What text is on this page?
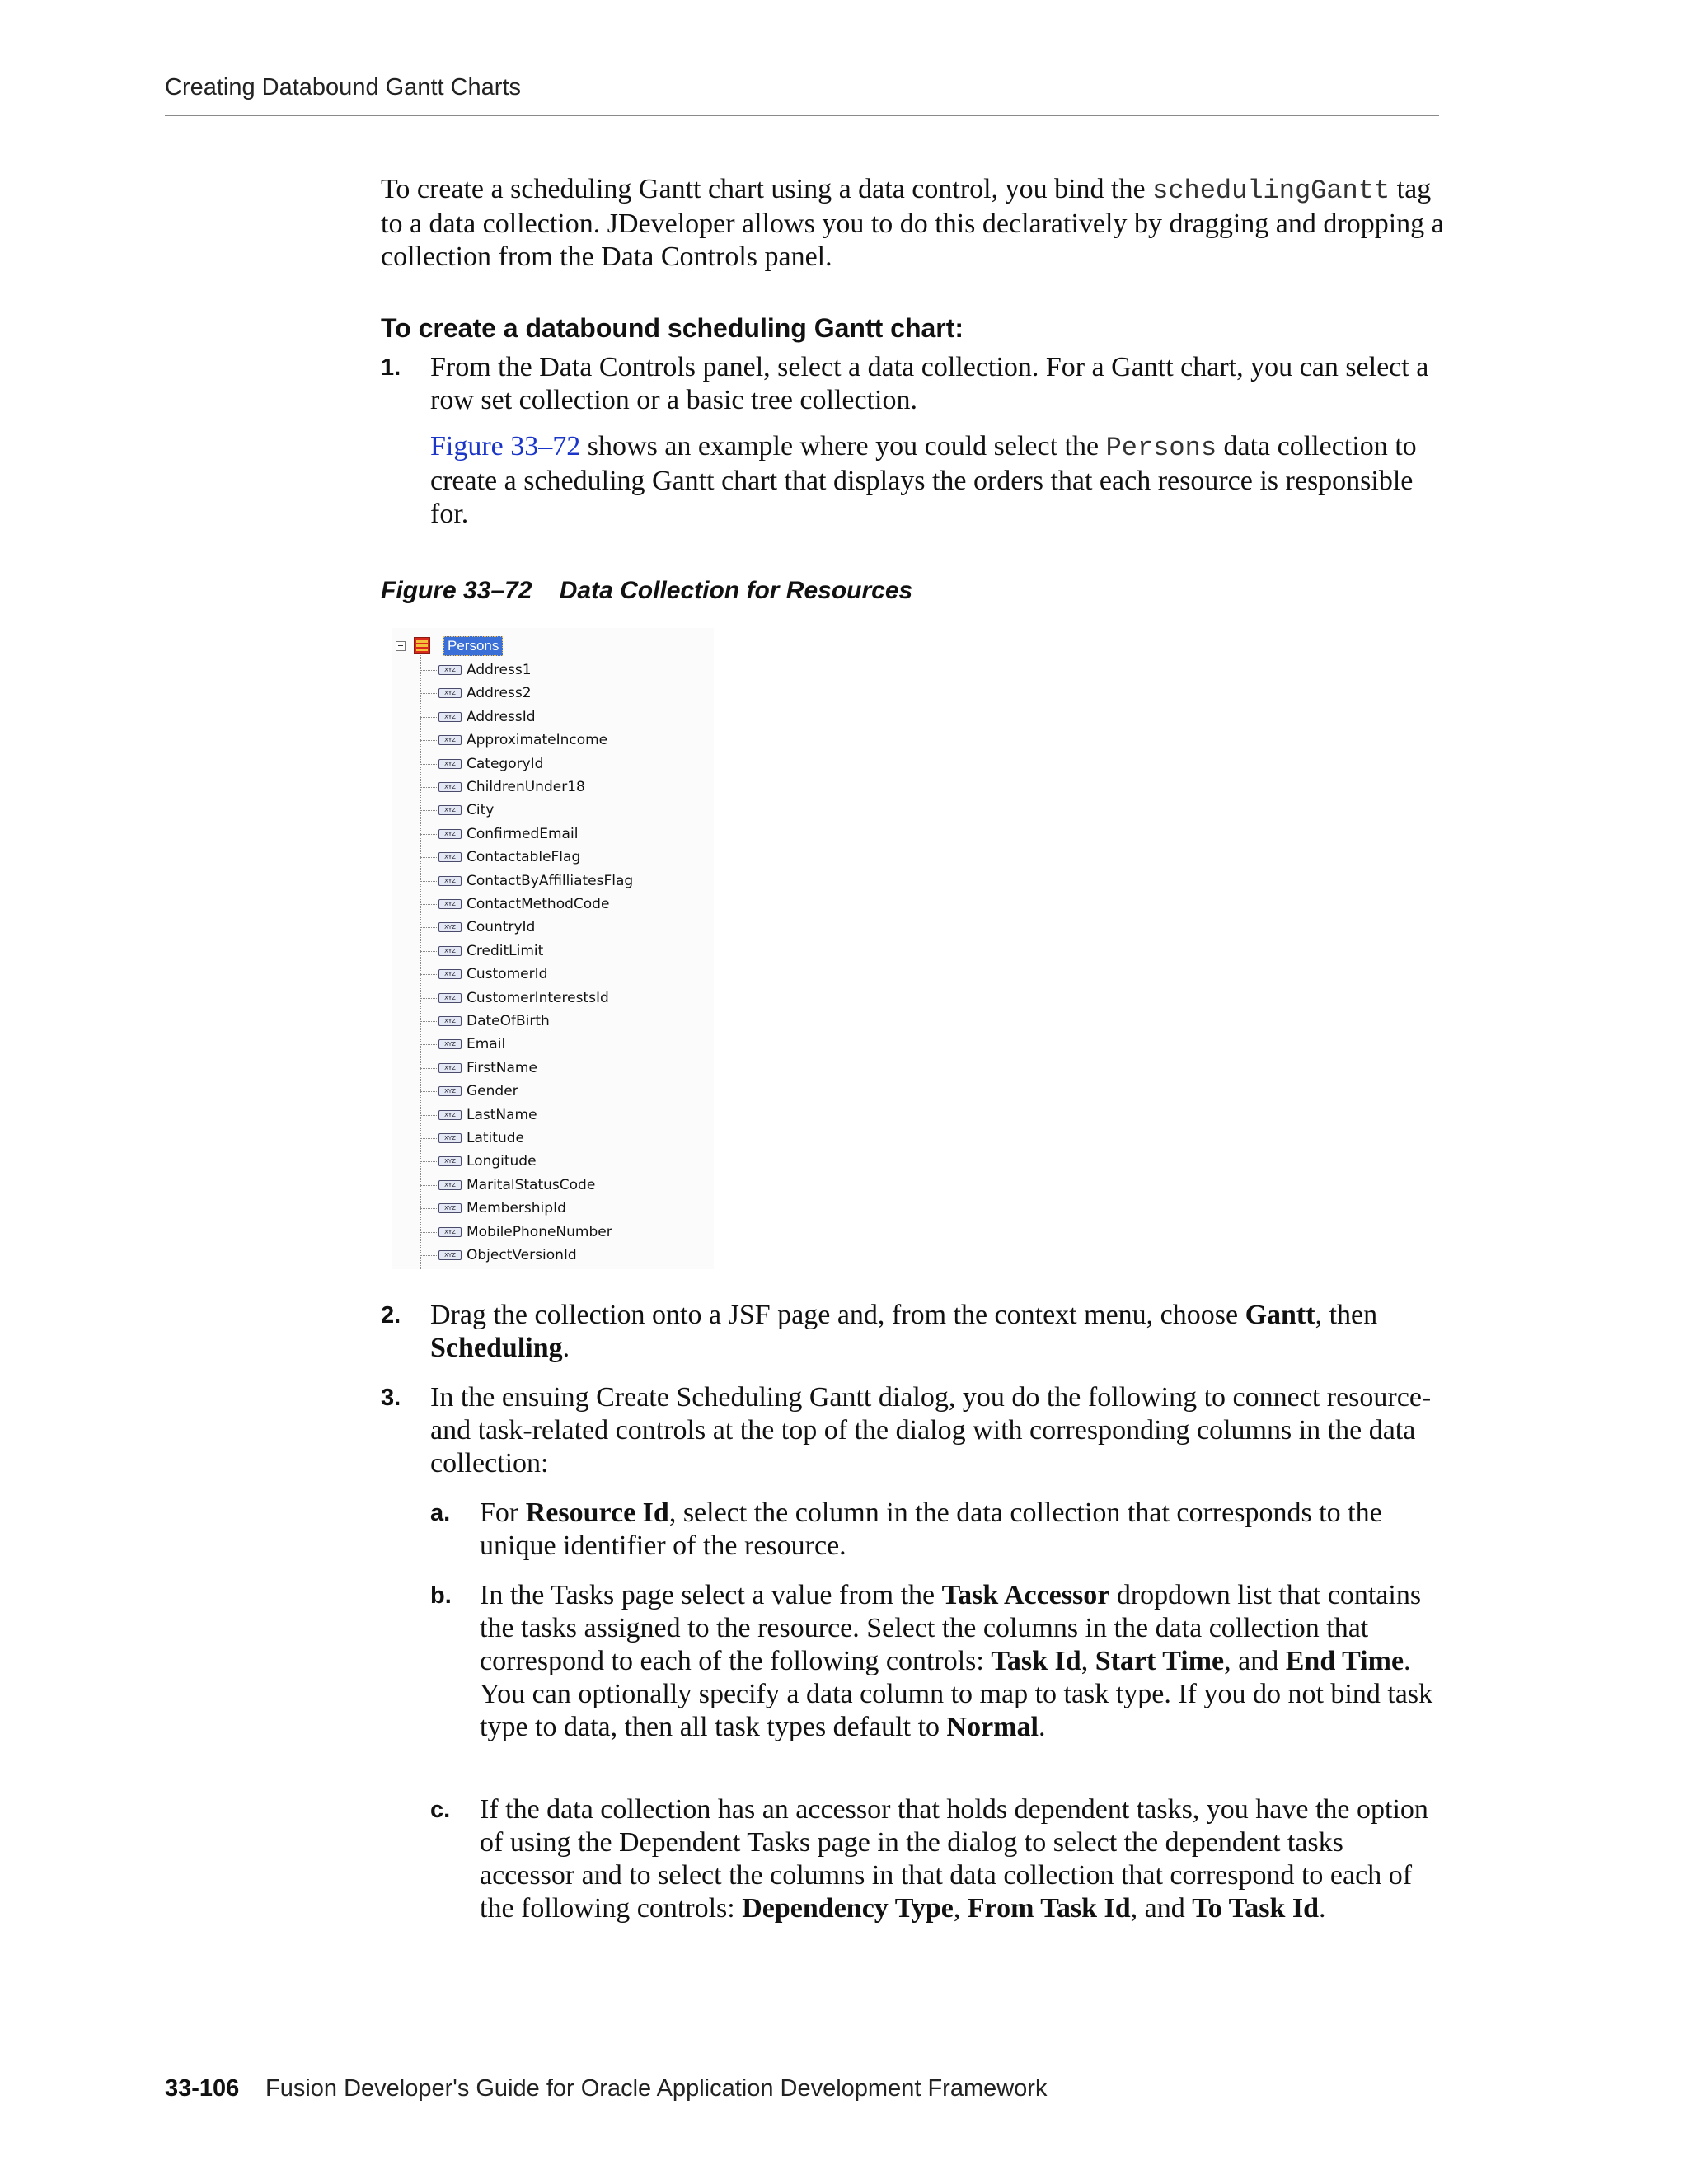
Creating Databound Gantt Charts
To create a scheduling Gantt chart using a data control, you bind the schedulingGantt tag to a data collection. JDeveloper allows you to do this declaratively by dragging and dropping a collection from the Data Controls panel.
To create a databound scheduling Gantt chart:
1. From the Data Controls panel, select a data collection. For a Gantt chart, you can select a row set collection or a basic tree collection.
Figure 33–72 shows an example where you could select the Persons data collection to create a scheduling Gantt chart that displays the orders that each resource is responsible for.
Figure 33–72    Data Collection for Resources
Persons
XYZ Address1
XYZ Address2
XYZ AddressId
XYZ ApproximateIncome
XYZ CategoryId
XYZ ChildrenUnder18
XYZ City
XYZ ConfirmedEmail
XYZ ContactableFlag
XYZ ContactByAffilliatesFlag
XYZ ContactMethodCode
XYZ CountryId
XYZ CreditLimit
XYZ CustomerId
XYZ CustomerInterestsId
XYZ DateOfBirth
XYZ Email
XYZ FirstName
XYZ Gender
XYZ LastName
XYZ Latitude
XYZ Longitude
XYZ MaritalStatusCode
XYZ MembershipId
XYZ MobilePhoneNumber
XYZ ObjectVersionId
2. Drag the collection onto a JSF page and, from the context menu, choose Gantt, then Scheduling.
3. In the ensuing Create Scheduling Gantt dialog, you do the following to connect resource- and task-related controls at the top of the dialog with corresponding columns in the data collection:
a. For Resource Id, select the column in the data collection that corresponds to the unique identifier of the resource.
b. In the Tasks page select a value from the Task Accessor dropdown list that contains the tasks assigned to the resource. Select the columns in the data collection that correspond to each of the following controls: Task Id, Start Time, and End Time. You can optionally specify a data column to map to task type. If you do not bind task type to data, then all task types default to Normal.
c. If the data collection has an accessor that holds dependent tasks, you have the option of using the Dependent Tasks page in the dialog to select the dependent tasks accessor and to select the columns in that data collection that correspond to each of the following controls: Dependency Type, From Task Id, and To Task Id.
33-106 Fusion Developer's Guide for Oracle Application Development Framework
